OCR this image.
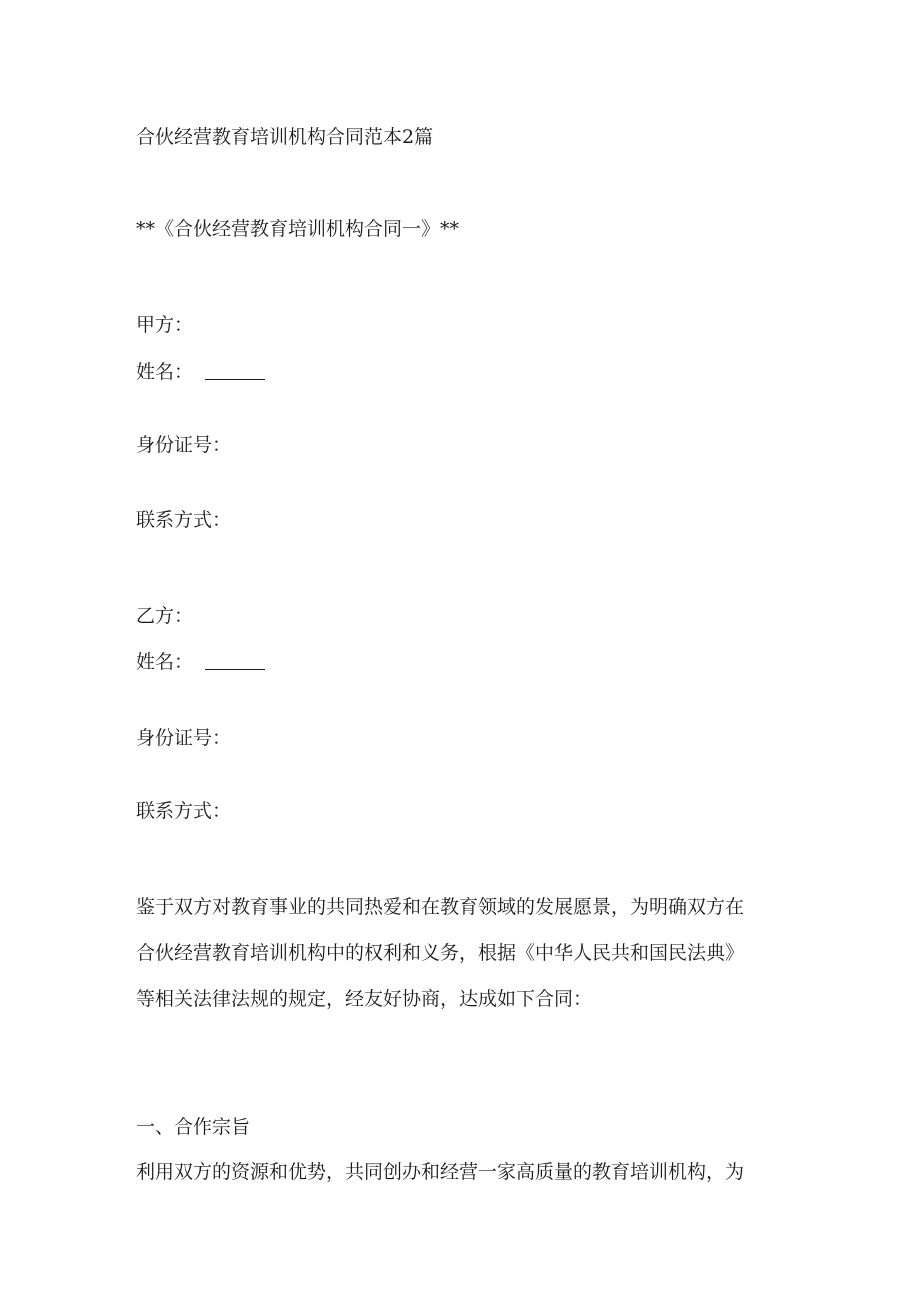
合伙经营教育培训机构合同范本2篇

**《合伙经营教育培训机构合同一》**

甲方：

姓名：

身份证号：

联系方式：

乙方：

姓名：

身份证号：

联系方式：

鉴于双方对教育事业的共同热爱和在教育领域的发展愿景，为明确双方在
合伙经营教育培训机构中的权利和义务，根据《中华人民共和国民法典》
等相关法律法规的规定，经友好协商，达成如下合同：

一、合作宗旨

利用双方的资源和优势，共同创办和经营一家高质量的教育培训机构，为
